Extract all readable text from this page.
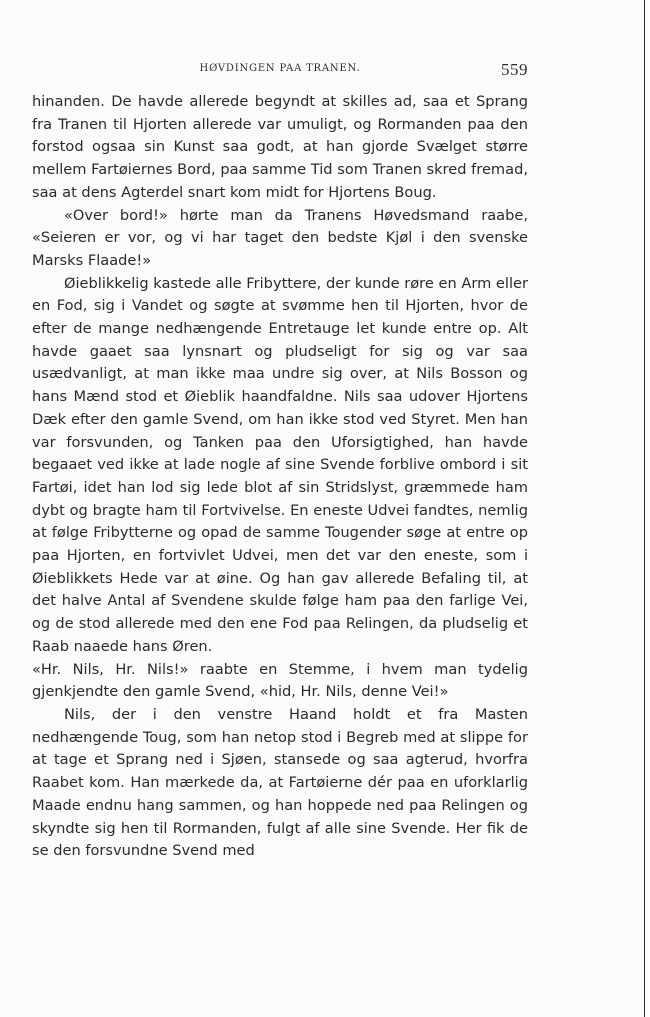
HØVDINGEN PAA TRANEN.	559

hinanden. De havde allerede begyndt at skilles ad, saa et Sprang fra Tranen til Hjorten allerede var umuligt, og Rormanden paa den forstod ogsaa sin Kunst saa godt, at han gjorde Svælget større mellem Fartøiernes Bord, paa samme Tid som Tranen skred fremad, saa at dens Agterdel snart kom midt for Hjortens Boug.

«Over bord!» hørte man da Tranens Høvedsmand raabe, «Seieren er vor, og vi har taget den bedste Kjøl i den svenske Marsks Flaade!»

Øieblikkelig kastede alle Fribyttere, der kunde røre en Arm eller en Fod, sig i Vandet og søgte at svømme hen til Hjorten, hvor de efter de mange nedhængende Entretauge let kunde entre op. Alt havde gaaet saa lynsnart og pludseligt for sig og var saa usædvanligt, at man ikke maa undre sig over, at Nils Bosson og hans Mænd stod et Øieblik haandfaldne. Nils saa udover Hjortens Dæk efter den gamle Svend, om han ikke stod ved Styret. Men han var forsvunden, og Tanken paa den Uforsigtighed, han havde begaaet ved ikke at lade nogle af sine Svende forblive ombord i sit Fartøi, idet han lod sig lede blot af sin Stridslyst, græmmede ham dybt og bragte ham til Fortvivelse. En eneste Udvei fandtes, nemlig at følge Fribytterne og opad de samme Tougender søge at entre op paa Hjorten, en fortvivlet Udvei, men det var den eneste, som i Øieblikkets Hede var at øine. Og han gav allerede Befaling til, at det halve Antal af Svendene skulde følge ham paa den farlige Vei, og de stod allerede med den ene Fod paa Relingen, da pludselig et Raab naaede hans Øren.

«Hr. Nils, Hr. Nils!» raabte en Stemme, i hvem man tydelig gjenkjendte den gamle Svend, «hid, Hr. Nils, denne Vei!»

Nils, der i den venstre Haand holdt et fra Masten nedhængende Toug, som han netop stod i Begreb med at slippe for at tage et Sprang ned i Sjøen, stansede og saa agterud, hvorfra Raabet kom. Han mærkede da, at Fartøierne dér paa en uforklarlig Maade endnu hang sammen, og han hoppede ned paa Relingen og skyndte sig hen til Rormanden, fulgt af alle sine Svende. Her fik de se den forsvundne Svend med
